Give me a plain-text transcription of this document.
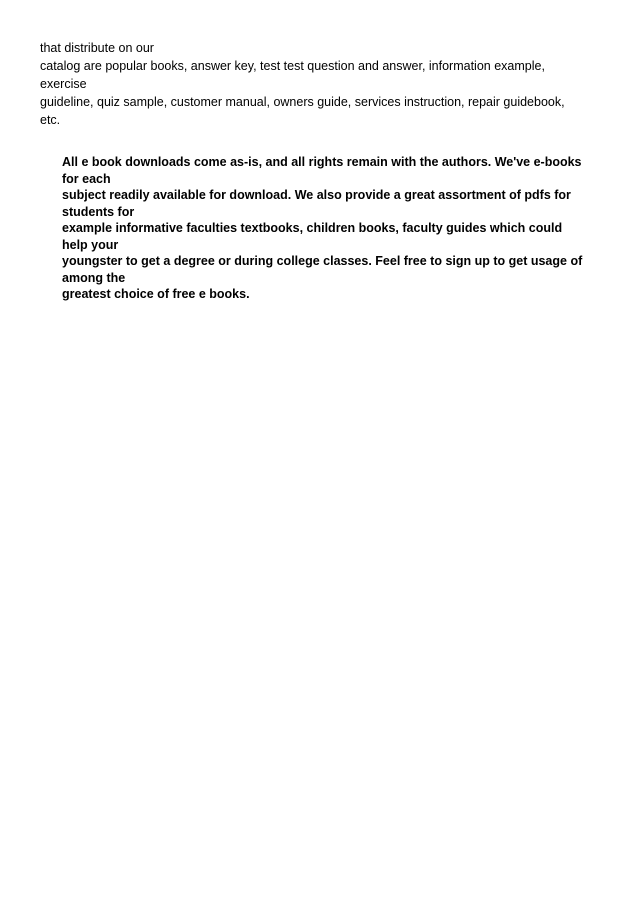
that distribute on our
catalog are popular books, answer key, test test question and answer, information example,
exercise
guideline, quiz sample, customer manual, owners guide, services instruction, repair guidebook,
etc.
All e book downloads come as-is, and all rights remain with the authors. We've e-books
for each
subject readily available for download. We also provide a great assortment of pdfs for
students for
example informative faculties textbooks, children books, faculty guides which could
help your
youngster to get a degree or during college classes. Feel free to sign up to get usage of
among the
greatest choice of free e books.
